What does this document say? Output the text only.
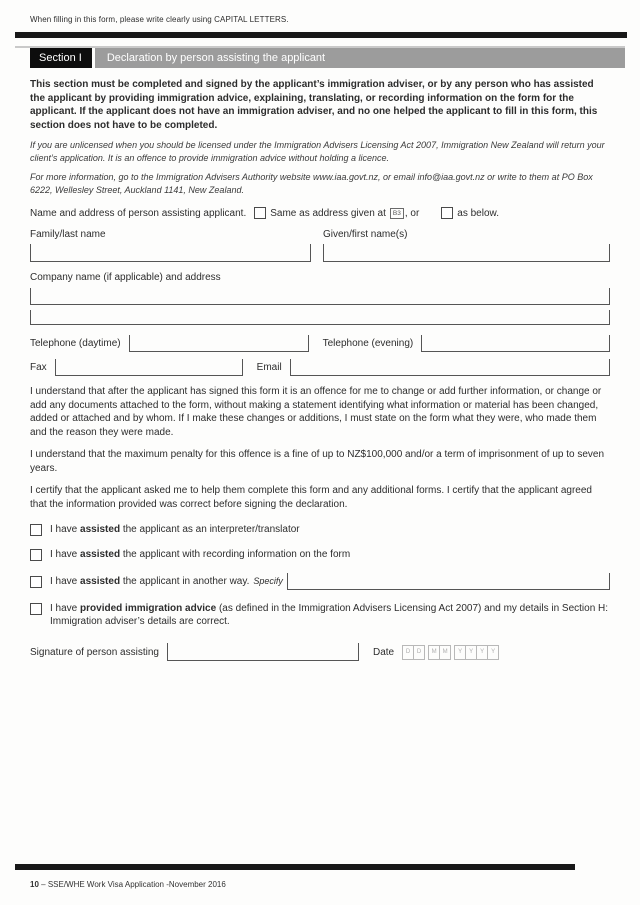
When filling in this form, please write clearly using CAPITAL LETTERS.
Section I	Declaration by person assisting the applicant
This section must be completed and signed by the applicant’s immigration adviser, or by any person who has assisted the applicant by providing immigration advice, explaining, translating, or recording information on the form for the applicant. If the applicant does not have an immigration adviser, and no one helped the applicant to fill in this form, this section does not have to be completed.
If you are unlicensed when you should be licensed under the Immigration Advisers Licensing Act 2007, Immigration New Zealand will return your client’s application. It is an offence to provide immigration advice without holding a licence.
For more information, go to the Immigration Advisers Authority website www.iaa.govt.nz, or email info@iaa.govt.nz or write to them at PO Box 6222, Wellesley Street, Auckland 1141, New Zealand.
Name and address of person assisting applicant. Same as address given at	B3 , or	as below.
Family/last name	Given/first name(s)
Company name (if applicable) and address

Telephone (daytime)	Telephone (evening)
Fax	Email
I understand that after the applicant has signed this form it is an offence for me to change or add further information, or change or add any documents attached to the form, without making a statement identifying what information or material has been changed, added or attached and by whom. If I make these changes or additions, I must state on the form what they were, who made them and the reason they were made.
I understand that the maximum penalty for this offence is a fine of up to NZ$100,000 and/or a term of imprisonment of up to seven years.
I certify that the applicant asked me to help them complete this form and any additional forms. I certify that the applicant agreed that the information provided was correct before signing the declaration.
I have assisted the applicant as an interpreter/translator
I have assisted the applicant with recording information on the form
I have assisted the applicant in another way. Specify
I have provided immigration advice (as defined in the Immigration Advisers Licensing Act 2007) and my details in Section H: Immigration adviser’s details are correct.
Signature of person assisting	Date	D	D	M	M	Y	Y	Y	Y
10 – SSE/WHE Work Visa Application -November 2016
